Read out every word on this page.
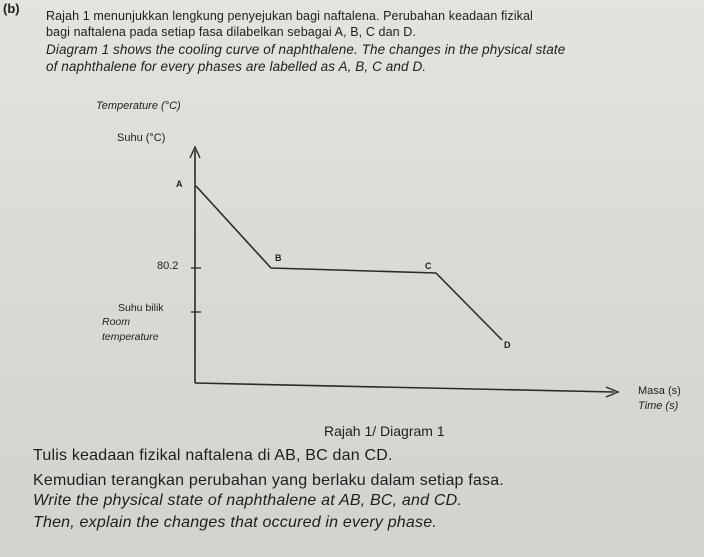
(b) Rajah 1 menunjukkan lengkung penyejukan bagi naftalena. Perubahan keadaan fizikal
bagi naftalena pada setiap fasa dilabelkan sebagai A, B, C dan D.
Diagram 1 shows the cooling curve of naphthalene. The changes in the physical state
of naphthalene for every phases are labelled as A, B, C and D.
Temperature (°C)
Suhu (°C)
80.2
Suhu bilik
Room
temperature
A
B
C
D
Masa (s)
Time (s)
Rajah 1/ Diagram 1
Tulis keadaan fizikal naftalena di AB, BC dan CD.
Kemudian terangkan perubahan yang berlaku dalam setiap fasa.
Write the physical state of naphthalene at AB, BC, and CD.
Then, explain the changes that occured in every phase.
